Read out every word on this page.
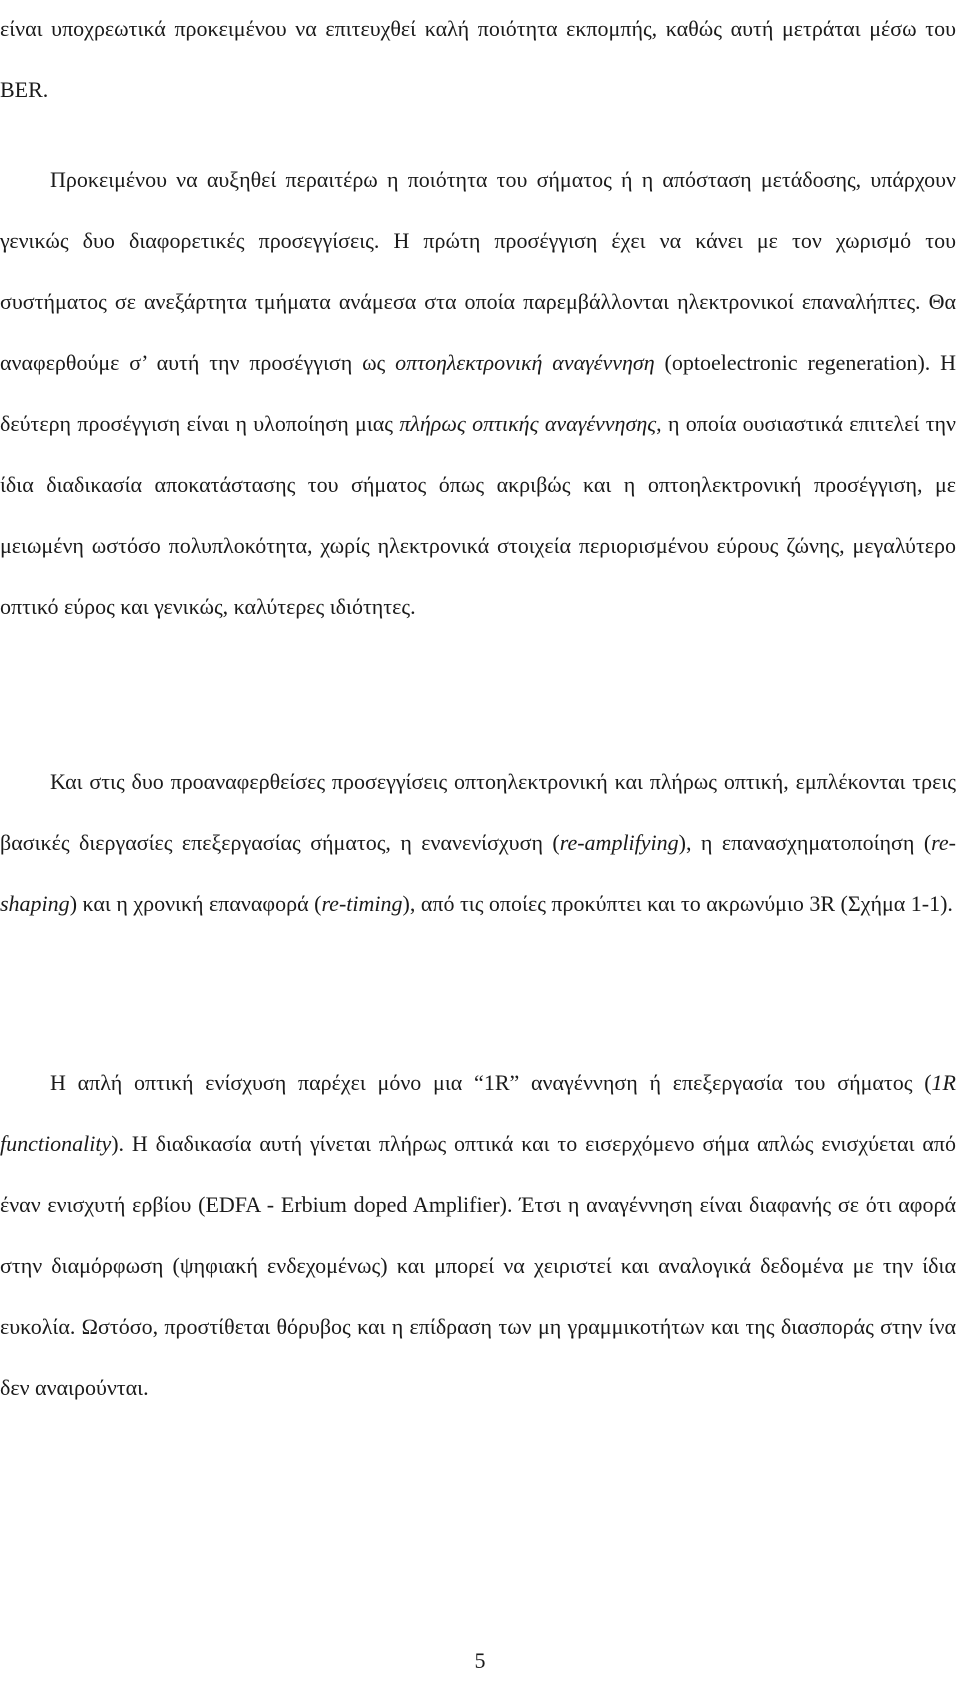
είναι υποχρεωτικά προκειμένου να επιτευχθεί καλή ποιότητα εκπομπής, καθώς αυτή μετράται μέσω του BER.

Προκειμένου να αυξηθεί περαιτέρω η ποιότητα του σήματος ή η απόσταση μετάδοσης, υπάρχουν γενικώς δυο διαφορετικές προσεγγίσεις. Η πρώτη προσέγγιση έχει να κάνει με τον χωρισμό του συστήματος σε ανεξάρτητα τμήματα ανάμεσα στα οποία παρεμβάλλονται ηλεκτρονικοί επαναλήπτες. Θα αναφερθούμε σ’ αυτή την προσέγγιση ως οπτοηλεκτρονική αναγέννηση (optoelectronic regeneration). Η δεύτερη προσέγγιση είναι η υλοποίηση μιας πλήρως οπτικής αναγέννησης, η οποία ουσιαστικά επιτελεί την ίδια διαδικασία αποκατάστασης του σήματος όπως ακριβώς και η οπτοηλεκτρονική προσέγγιση, με μειωμένη ωστόσο πολυπλοκότητα, χωρίς ηλεκτρονικά στοιχεία περιορισμένου εύρους ζώνης, μεγαλύτερο οπτικό εύρος και γενικώς, καλύτερες ιδιότητες.

Και στις δυο προαναφερθείσες προσεγγίσεις οπτοηλεκτρονική και πλήρως οπτική, εμπλέκονται τρεις βασικές διεργασίες επεξεργασίας σήματος, η ενανενίσχυση (re-amplifying), η επανασχηματοποίηση (re-shaping) και η χρονική επαναφορά (re-timing), από τις οποίες προκύπτει και το ακρωνύμιο 3R (Σχήμα 1-1).

Η απλή οπτική ενίσχυση παρέχει μόνο μια “1R” αναγέννηση ή επεξεργασία του σήματος (1R functionality). Η διαδικασία αυτή γίνεται πλήρως οπτικά και το εισερχόμενο σήμα απλώς ενισχύεται από έναν ενισχυτή ερβίου (EDFA - Erbium doped Amplifier). Έτσι η αναγέννηση είναι διαφανής σε ότι αφορά στην διαμόρφωση (ψηφιακή ενδεχομένως) και μπορεί να χειριστεί και αναλογικά δεδομένα με την ίδια ευκολία. Ωστόσο, προστίθεται θόρυβος και η επίδραση των μη γραμμικοτήτων και της διασποράς στην ίνα δεν αναιρούνται.

5
